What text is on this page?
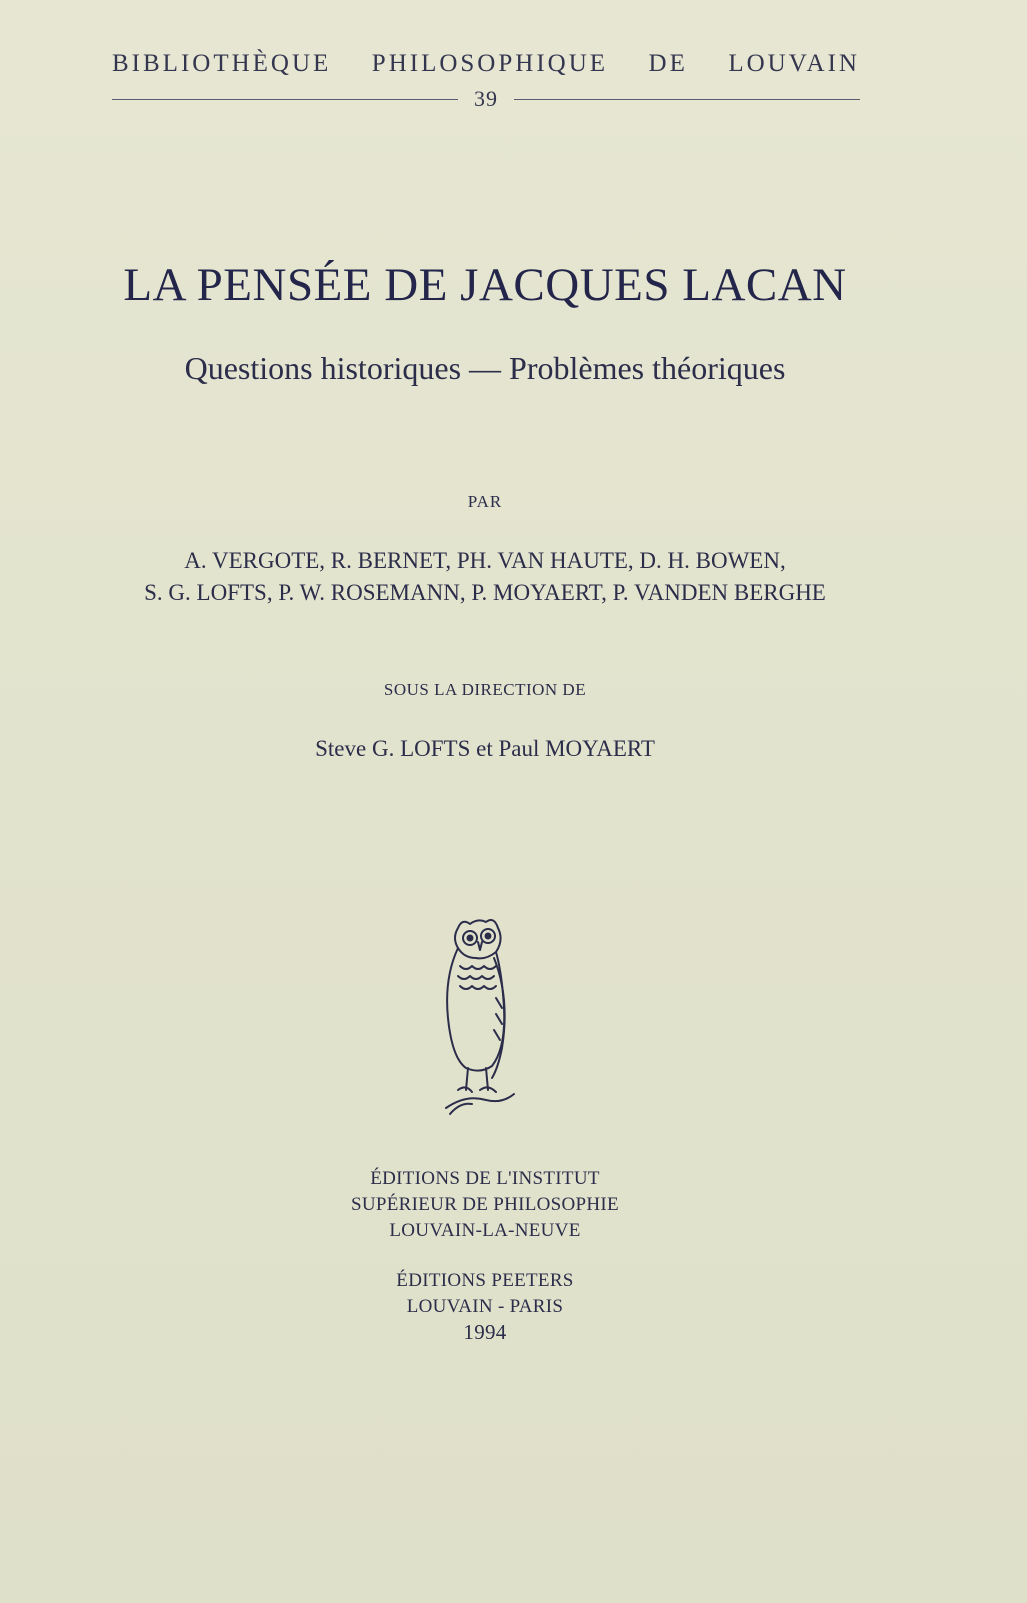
BIBLIOTHÈQUE PHILOSOPHIQUE DE LOUVAIN
39
LA PENSÉE DE JACQUES LACAN
Questions historiques — Problèmes théoriques
PAR
A. VERGOTE, R. BERNET, PH. VAN HAUTE, D. H. BOWEN,
S. G. LOFTS, P. W. ROSEMANN, P. MOYAERT, P. VANDEN BERGHE
SOUS LA DIRECTION DE
Steve G. LOFTS et Paul MOYAERT
ÉDITIONS DE L'INSTITUT
SUPÉRIEUR DE PHILOSOPHIE
LOUVAIN-LA-NEUVE
ÉDITIONS PEETERS
LOUVAIN - PARIS
1994
